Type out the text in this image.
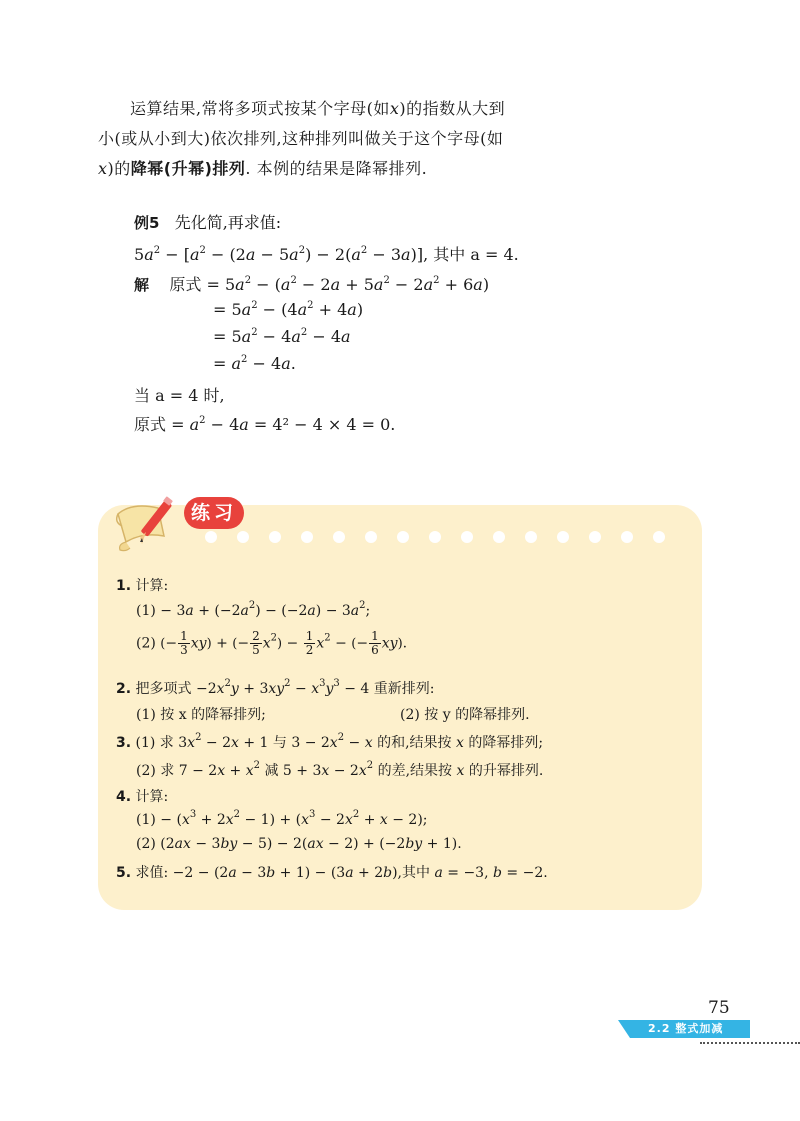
运算结果,常将多项式按某个字母(如x)的指数从大到
小(或从小到大)依次排列,这种排列叫做关于这个字母(如
x)的降幂(升幂)排列. 本例的结果是降幂排列.
例5 先化简,再求值:
$5a^2 - [a^2 - (2a - 5a^2) - 2(a^2 - 3a)]$, 其中 a = 4.
解 原式 = $5a^2 - (a^2 - 2a + 5a^2 - 2a^2 + 6a)$
= $5a^2 - (4a^2 + 4a)$
= $5a^2 - 4a^2 - 4a$
= $a^2 - 4a$.
当 a = 4 时,
原式 = $a^2 - 4a = 4^2 - 4 \times 4 = 0$.
练习
1. 计算:
$(1) - 3a + (-2a^2) - (-2a) - 3a^2$;
(2) (− $\frac{1}{3} xy$) + (− $\frac{2}{5} x^2) - \frac{1}{2} x^2$ − (− $\frac{1}{6} xy$).
2. 把多项式 $-2x^2y + 3xy^2 - x^3y^3 - 4$ 重新排列:
(1) 按 x 的降幂排列;	(2) 按 y 的降幂排列.
3. (1) 求 $3x^2 - 2x + 1$ 与 $3 - 2x^2 - x$ 的和,结果按 x 的降幂排列;
(2) 求 $7 - 2x + x^2$ 减 $5 + 3x - 2x^2$ 的差,结果按 x 的升幂排列.
4. 计算:
$(1) - (x^3 + 2x^2 - 1) + (x^3 - 2x^2 + x - 2)$;
(2) (2ax − 3by − 5) − 2(ax − 2) + (−2by + 1).
5. 求值: −2 − (2a − 3b + 1) − (3a + 2b),其中 a = −3, b = −2.
75
2.2 整式加减
